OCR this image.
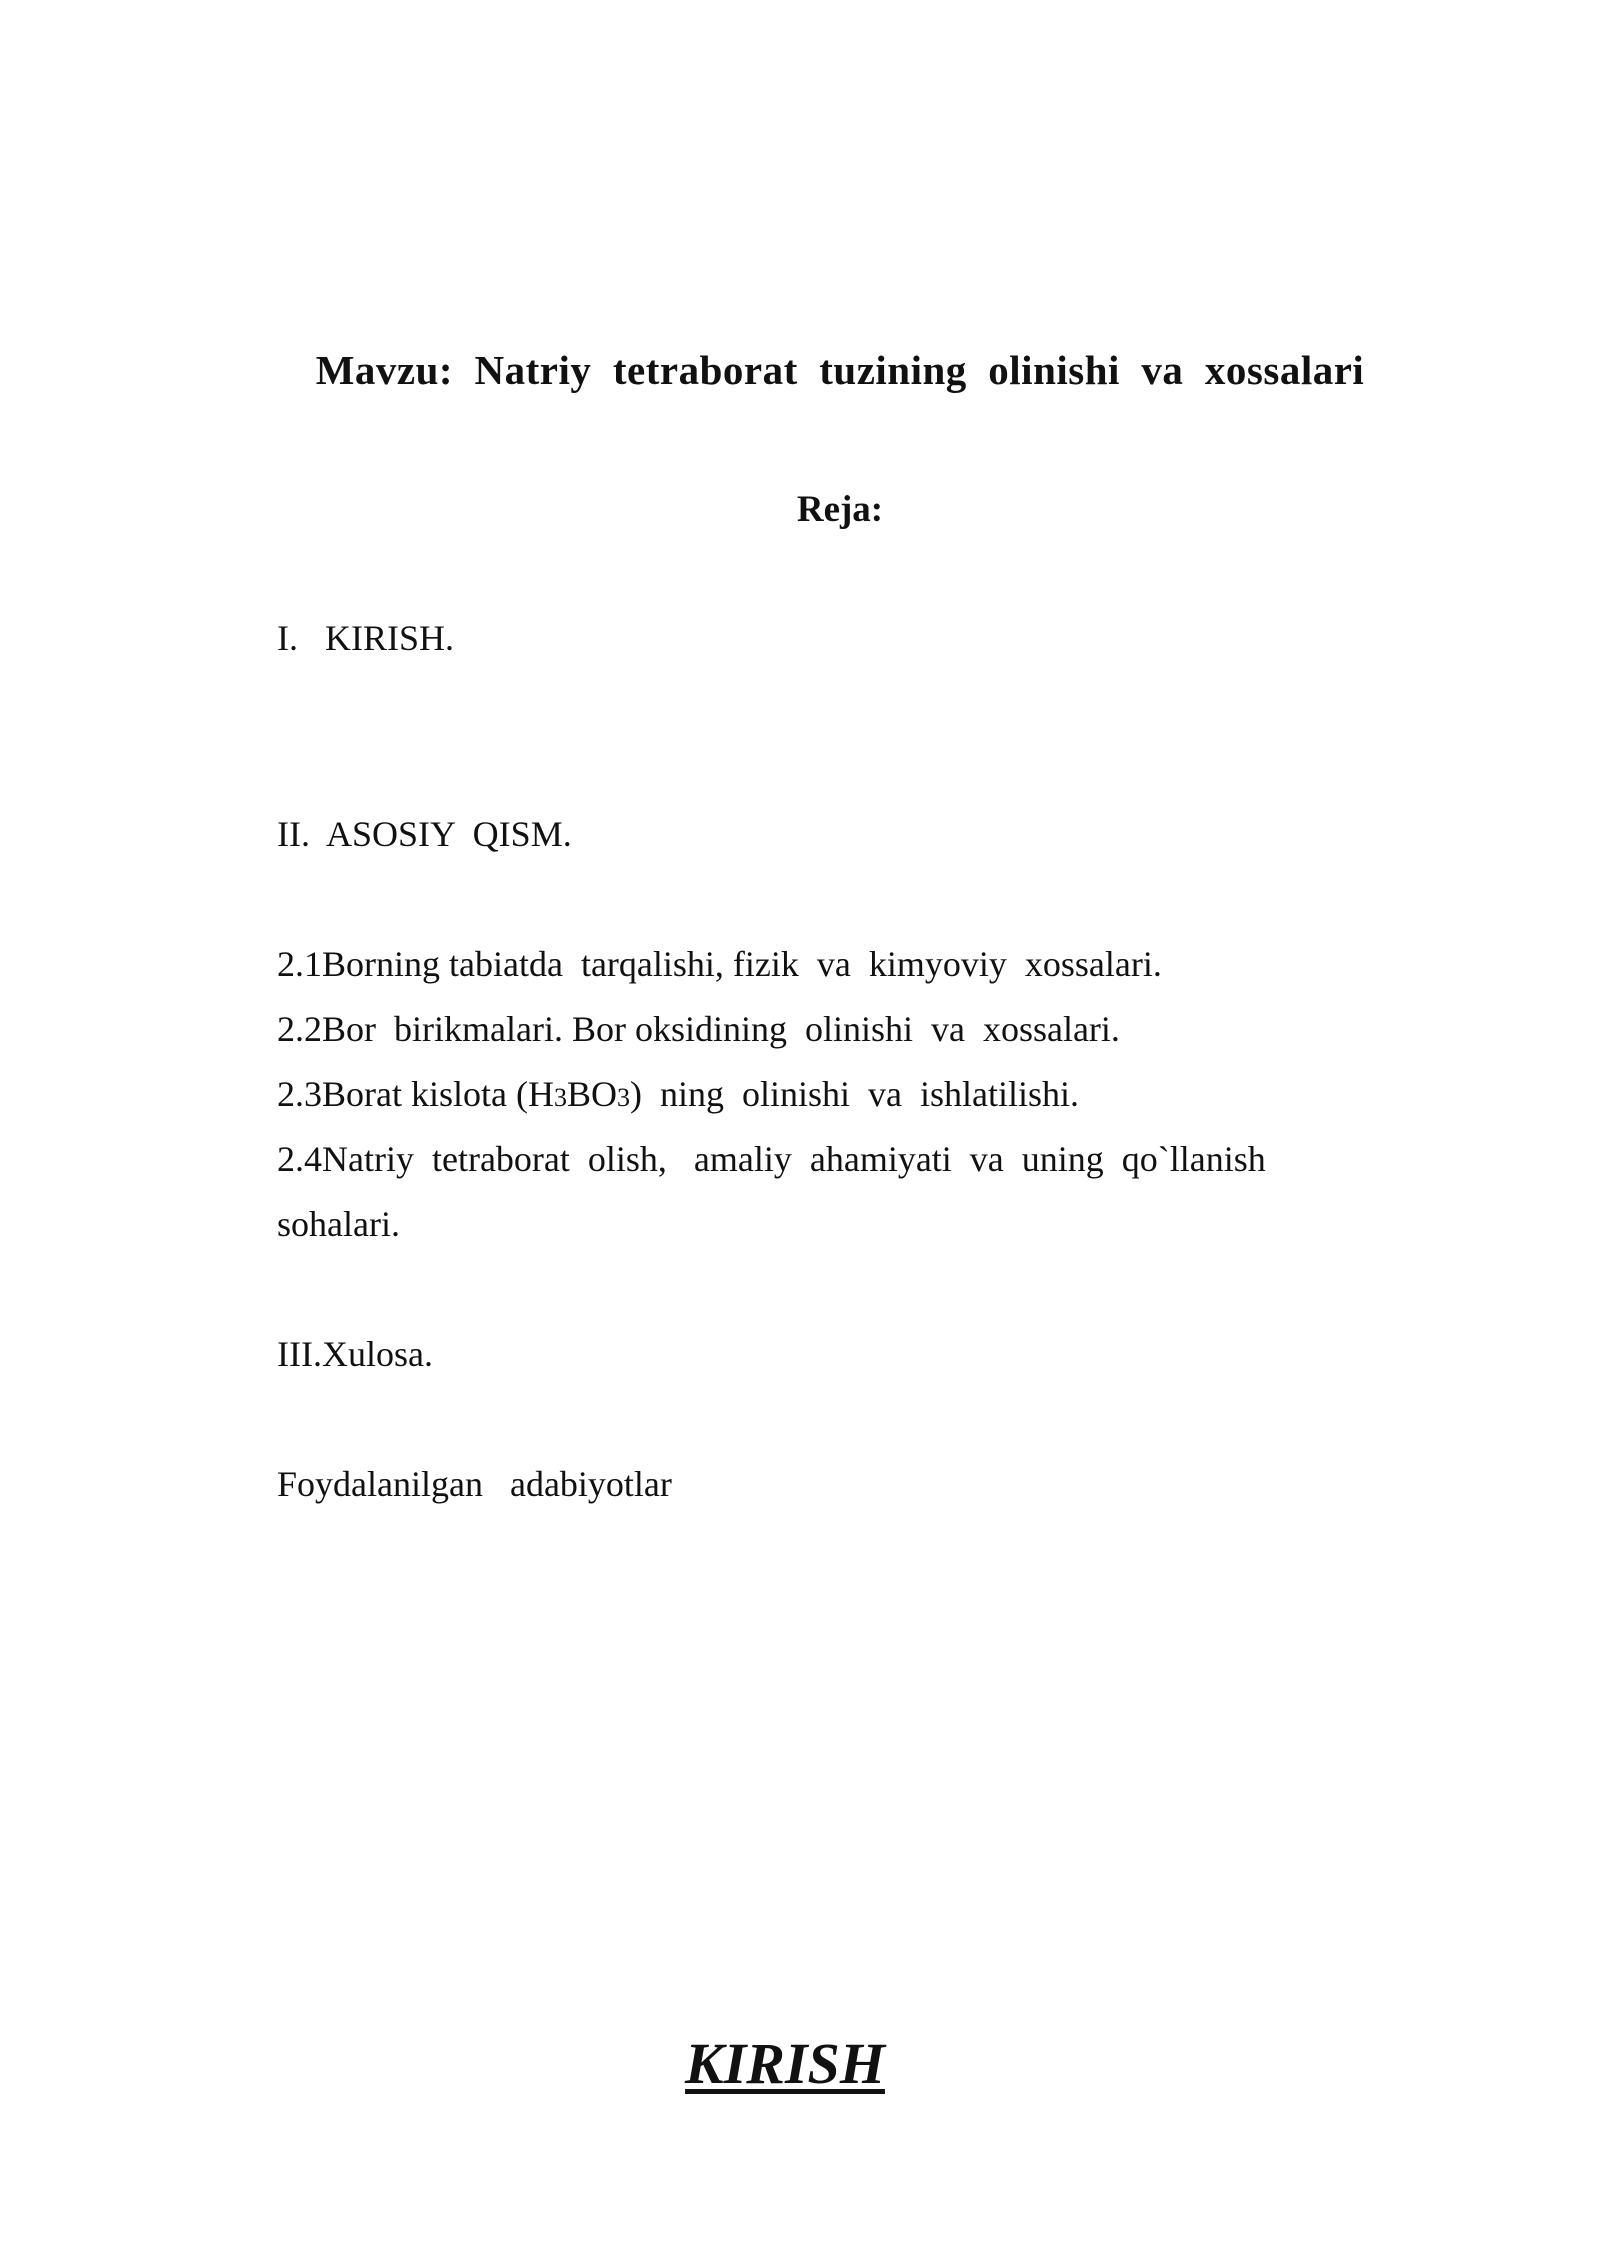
Mavzu:  Natriy  tetraborat  tuzining  olinishi  va  xossalari
Reja:

I.   KIRISH.

II.  ASOSIY  QISM.

2.1Borning tabiatda  tarqalishi, fizik  va  kimyoviy  xossalari.

2.2Bor  birikmalari. Bor oksidining  olinishi  va  xossalari.

2.3Borat kislota (H3BO3)  ning  olinishi  va  ishlatilishi.

2.4Natriy  tetraborat  olish,   amaliy  ahamiyati  va  uning  qo`llanish

sohalari.

III.Xulosa.

Foydalanilgan   adabiyotlar

KIRISH
